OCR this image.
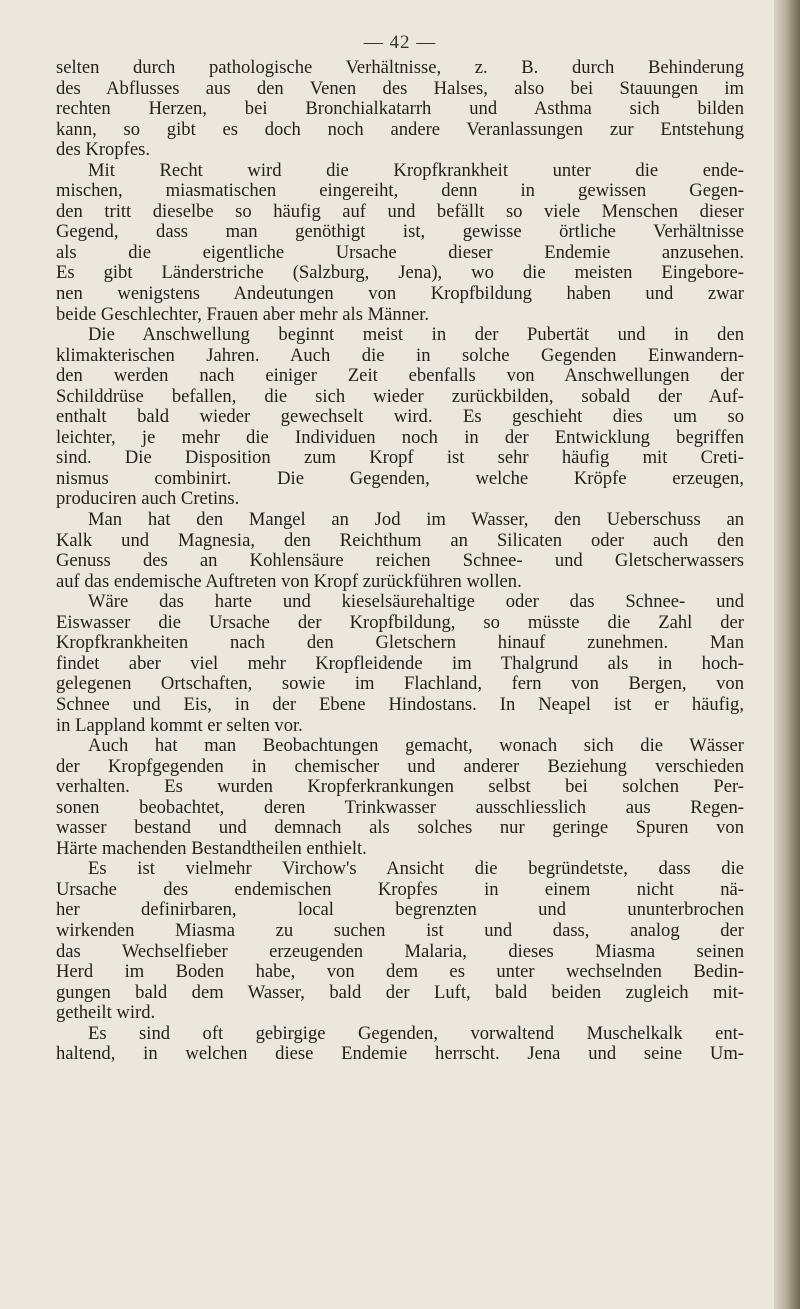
— 42 —
selten durch pathologische Verhältnisse, z. B. durch Behinderung
des Abflusses aus den Venen des Halses, also bei Stauungen im
rechten Herzen, bei Bronchialkatarrh und Asthma sich bilden
kann, so gibt es doch noch andere Veranlassungen zur Entstehung
des Kropfes.
Mit Recht wird die Kropfkrankheit unter die ende-
mischen, miasmatischen eingereiht, denn in gewissen Gegen-
den tritt dieselbe so häufig auf und befällt so viele Menschen dieser
Gegend, dass man genöthigt ist, gewisse örtliche Verhältnisse
als die eigentliche Ursache dieser Endemie anzusehen.
Es gibt Länderstriche (Salzburg, Jena), wo die meisten Eingebore-
nen wenigstens Andeutungen von Kropfbildung haben und zwar
beide Geschlechter, Frauen aber mehr als Männer.
Die Anschwellung beginnt meist in der Pubertät und in den
klimakterischen Jahren. Auch die in solche Gegenden Einwandern-
den werden nach einiger Zeit ebenfalls von Anschwellungen der
Schilddrüse befallen, die sich wieder zurückbilden, sobald der Auf-
enthalt bald wieder gewechselt wird. Es geschieht dies um so
leichter, je mehr die Individuen noch in der Entwicklung begriffen
sind. Die Disposition zum Kropf ist sehr häufig mit Creti-
nismus combinirt. Die Gegenden, welche Kröpfe erzeugen,
produciren auch Cretins.
Man hat den Mangel an Jod im Wasser, den Ueberschuss an
Kalk und Magnesia, den Reichthum an Silicaten oder auch den
Genuss des an Kohlensäure reichen Schnee- und Gletscherwassers
auf das endemische Auftreten von Kropf zurückführen wollen.
Wäre das harte und kieselsäurehaltige oder das Schnee- und
Eiswasser die Ursache der Kropfbildung, so müsste die Zahl der
Kropfkrankheiten nach den Gletschern hinauf zunehmen. Man
findet aber viel mehr Kropfleidende im Thalgrund als in hoch-
gelegenen Ortschaften, sowie im Flachland, fern von Bergen, von
Schnee und Eis, in der Ebene Hindostans. In Neapel ist er häufig,
in Lappland kommt er selten vor.
Auch hat man Beobachtungen gemacht, wonach sich die Wässer
der Kropfgegenden in chemischer und anderer Beziehung verschieden
verhalten. Es wurden Kropferkrankungen selbst bei solchen Per-
sonen beobachtet, deren Trinkwasser ausschliesslich aus Regen-
wasser bestand und demnach als solches nur geringe Spuren von
Härte machenden Bestandtheilen enthielt.
Es ist vielmehr Virchow's Ansicht die begründetste, dass die
Ursache des endemischen Kropfes in einem nicht nä-
her definirbaren, local begrenzten und ununterbrochen
wirkenden Miasma zu suchen ist und dass, analog der
das Wechselfieber erzeugenden Malaria, dieses Miasma seinen
Herd im Boden habe, von dem es unter wechselnden Bedin-
gungen bald dem Wasser, bald der Luft, bald beiden zugleich mit-
getheilt wird.
Es sind oft gebirgige Gegenden, vorwaltend Muschelkalk ent-
haltend, in welchen diese Endemie herrscht. Jena und seine Um-
